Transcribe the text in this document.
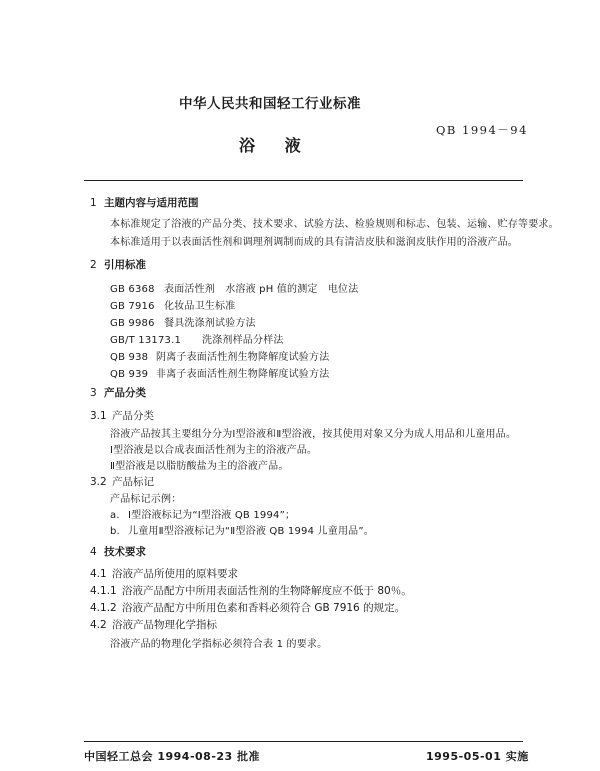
中华人民共和国轻工行业标准
QB 1994－94
浴 液
1 主题内容与适用范围
本标准规定了浴液的产品分类、技术要求、试验方法、检验规则和标志、包装、运输、贮存等要求。
本标准适用于以表面活性剂和调理剂调制而成的具有清洁皮肤和滋润皮肤作用的浴液产品。
2 引用标准
GB 6368 表面活性剂　水溶液 pH 值的测定　电位法
GB 7916 化妆品卫生标准
GB 9986 餐具洗涤剂试验方法
GB/T 13173.1 洗涤剂样品分样法
QB 938 阴离子表面活性剂生物降解度试验方法
QB 939 非离子表面活性剂生物降解度试验方法
3 产品分类
3.1 产品分类
浴液产品按其主要组分分为Ⅰ型浴液和Ⅱ型浴液，按其使用对象又分为成人用品和儿童用品。
Ⅰ型浴液是以合成表面活性剂为主的浴液产品。
Ⅱ型浴液是以脂肪酸盐为主的浴液产品。
3.2 产品标记
产品标记示例：
a. Ⅰ型浴液标记为“Ⅰ型浴液 QB 1994”；
b. 儿童用Ⅱ型浴液标记为“Ⅱ型浴液 QB 1994 儿童用品”。
4 技术要求
4.1 浴液产品所使用的原料要求
4.1.1 浴液产品配方中所用表面活性剂的生物降解度应不低于 80％。
4.1.2 浴液产品配方中所用色素和香料必须符合 GB 7916 的规定。
4.2 浴液产品物理化学指标
浴液产品的物理化学指标必须符合表 1 的要求。
中国轻工总会 1994-08-23 批准	1995-05-01 实施
